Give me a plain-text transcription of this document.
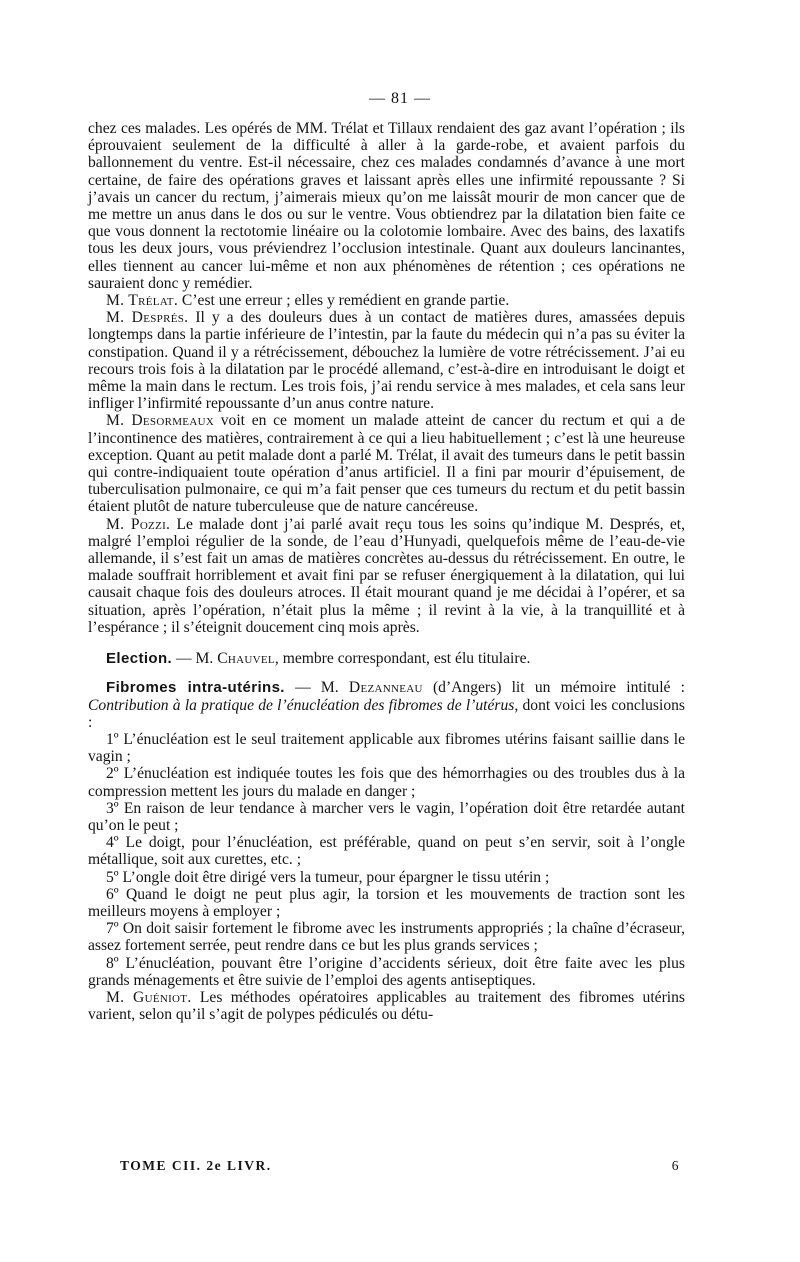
— 81 —

chez ces malades. Les opérés de MM. Trélat et Tillaux rendaient des gaz avant l’opération ; ils éprouvaient seulement de la difficulté à aller à la garde-robe, et avaient parfois du ballonnement du ventre. Est-il nécessaire, chez ces malades condamnés d’avance à une mort certaine, de faire des opérations graves et laissant après elles une infirmité repoussante ? Si j’avais un cancer du rectum, j’aimerais mieux qu’on me laissât mourir de mon cancer que de me mettre un anus dans le dos ou sur le ventre. Vous obtiendrez par la dilatation bien faite ce que vous donnent la rectotomie linéaire ou la colotomie lombaire. Avec des bains, des laxatifs tous les deux jours, vous préviendrez l’occlusion intestinale. Quant aux douleurs lancinantes, elles tiennent au cancer lui-même et non aux phénomènes de rétention ; ces opérations ne sauraient donc y remédier.

M. Trélat. C’est une erreur ; elles y remédient en grande partie.

M. Després. Il y a des douleurs dues à un contact de matières dures, amassées depuis longtemps dans la partie inférieure de l’intestin, par la faute du médecin qui n’a pas su éviter la constipation. Quand il y a rétrécissement, débouchez la lumière de votre rétrécissement. J’ai eu recours trois fois à la dilatation par le procédé allemand, c’est-à-dire en introduisant le doigt et même la main dans le rectum. Les trois fois, j’ai rendu service à mes malades, et cela sans leur infliger l’infirmité repoussante d’un anus contre nature.

M. Desormeaux voit en ce moment un malade atteint de cancer du rectum et qui a de l’incontinence des matières, contrairement à ce qui a lieu habituellement ; c’est là une heureuse exception. Quant au petit malade dont a parlé M. Trélat, il avait des tumeurs dans le petit bassin qui contre-indiquaient toute opération d’anus artificiel. Il a fini par mourir d’épuisement, de tuberculisation pulmonaire, ce qui m’a fait penser que ces tumeurs du rectum et du petit bassin étaient plutôt de nature tuberculeuse que de nature cancéreuse.

M. Pozzi. Le malade dont j’ai parlé avait reçu tous les soins qu’indique M. Després, et, malgré l’emploi régulier de la sonde, de l’eau d’Hunyadi, quelquefois même de l’eau-de-vie allemande, il s’est fait un amas de matières concrètes au-dessus du rétrécissement. En outre, le malade souffrait horriblement et avait fini par se refuser énergiquement à la dilatation, qui lui causait chaque fois des douleurs atroces. Il était mourant quand je me décidai à l’opérer, et sa situation, après l’opération, n’était plus la même ; il revint à la vie, à la tranquillité et à l’espérance ; il s’éteignit doucement cinq mois après.

Election. — M. Chauvel, membre correspondant, est élu titulaire.

Fibromes intra-utérins. — M. Dezanneau (d’Angers) lit un mémoire intitulé : Contribution à la pratique de l’énucléation des fibromes de l’utérus, dont voici les conclusions :

1º L’énucléation est le seul traitement applicable aux fibromes utérins faisant saillie dans le vagin ;

2º L’énucléation est indiquée toutes les fois que des hémorrhagies ou des troubles dus à la compression mettent les jours du malade en danger ;

3º En raison de leur tendance à marcher vers le vagin, l’opération doit être retardée autant qu’on le peut ;

4º Le doigt, pour l’énucléation, est préférable, quand on peut s’en servir, soit à l’ongle métallique, soit aux curettes, etc. ;

5º L’ongle doit être dirigé vers la tumeur, pour épargner le tissu utérin ;

6º Quand le doigt ne peut plus agir, la torsion et les mouvements de traction sont les meilleurs moyens à employer ;

7º On doit saisir fortement le fibrome avec les instruments appropriés ; la chaîne d’écraseur, assez fortement serrée, peut rendre dans ce but les plus grands services ;

8º L’énucléation, pouvant être l’origine d’accidents sérieux, doit être faite avec les plus grands ménagements et être suivie de l’emploi des agents antiseptiques.

M. Guéniot. Les méthodes opératoires applicables au traitement des fibromes utérins varient, selon qu’il s’agit de polypes pédiculés ou détu-

TOME CII. 2e LIVR.	6
